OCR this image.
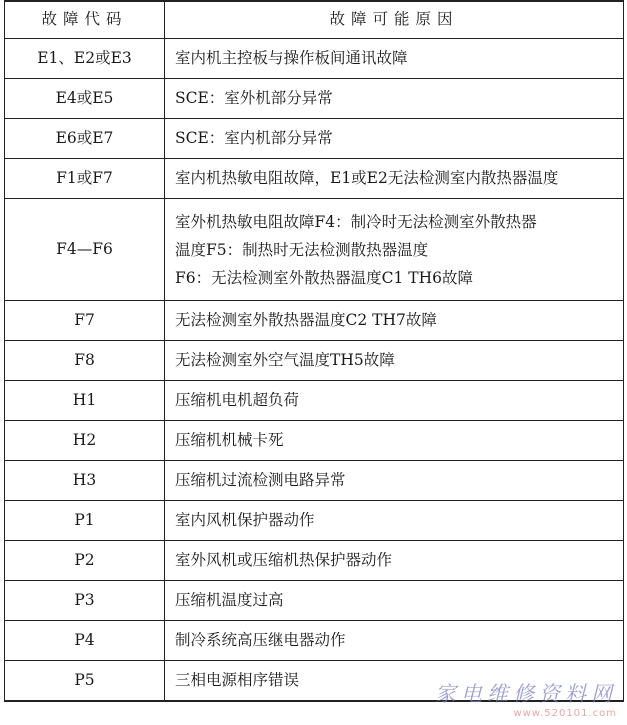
故障代码	故障可能原因
E1、E2或E3	室内机主控板与操作板间通讯故障

E4或E5	SCE：室外机部分异常

E6或E7	SCE：室内机部分异常

F1或F7	室内机热敏电阻故障，E1或E2无法检测室内散热器温度

F4—F6	室外机热敏电阻故障F4：制冷时无法检测室外散热器
温度F5：制热时无法检测散热器温度
F6：无法检测室外散热器温度C1 TH6故障

F7	无法检测室外散热器温度C2 TH7故障

F8	无法检测室外空气温度TH5故障

H1	压缩机电机超负荷

H2	压缩机机械卡死

H3	压缩机过流检测电路异常

P1	室内风机保护器动作

P2	室外风机或压缩机热保护器动作

P3	压缩机温度过高

P4	制冷系统高压继电器动作

P5	三相电源相序错误
家电维修资料网
www.520101.com
